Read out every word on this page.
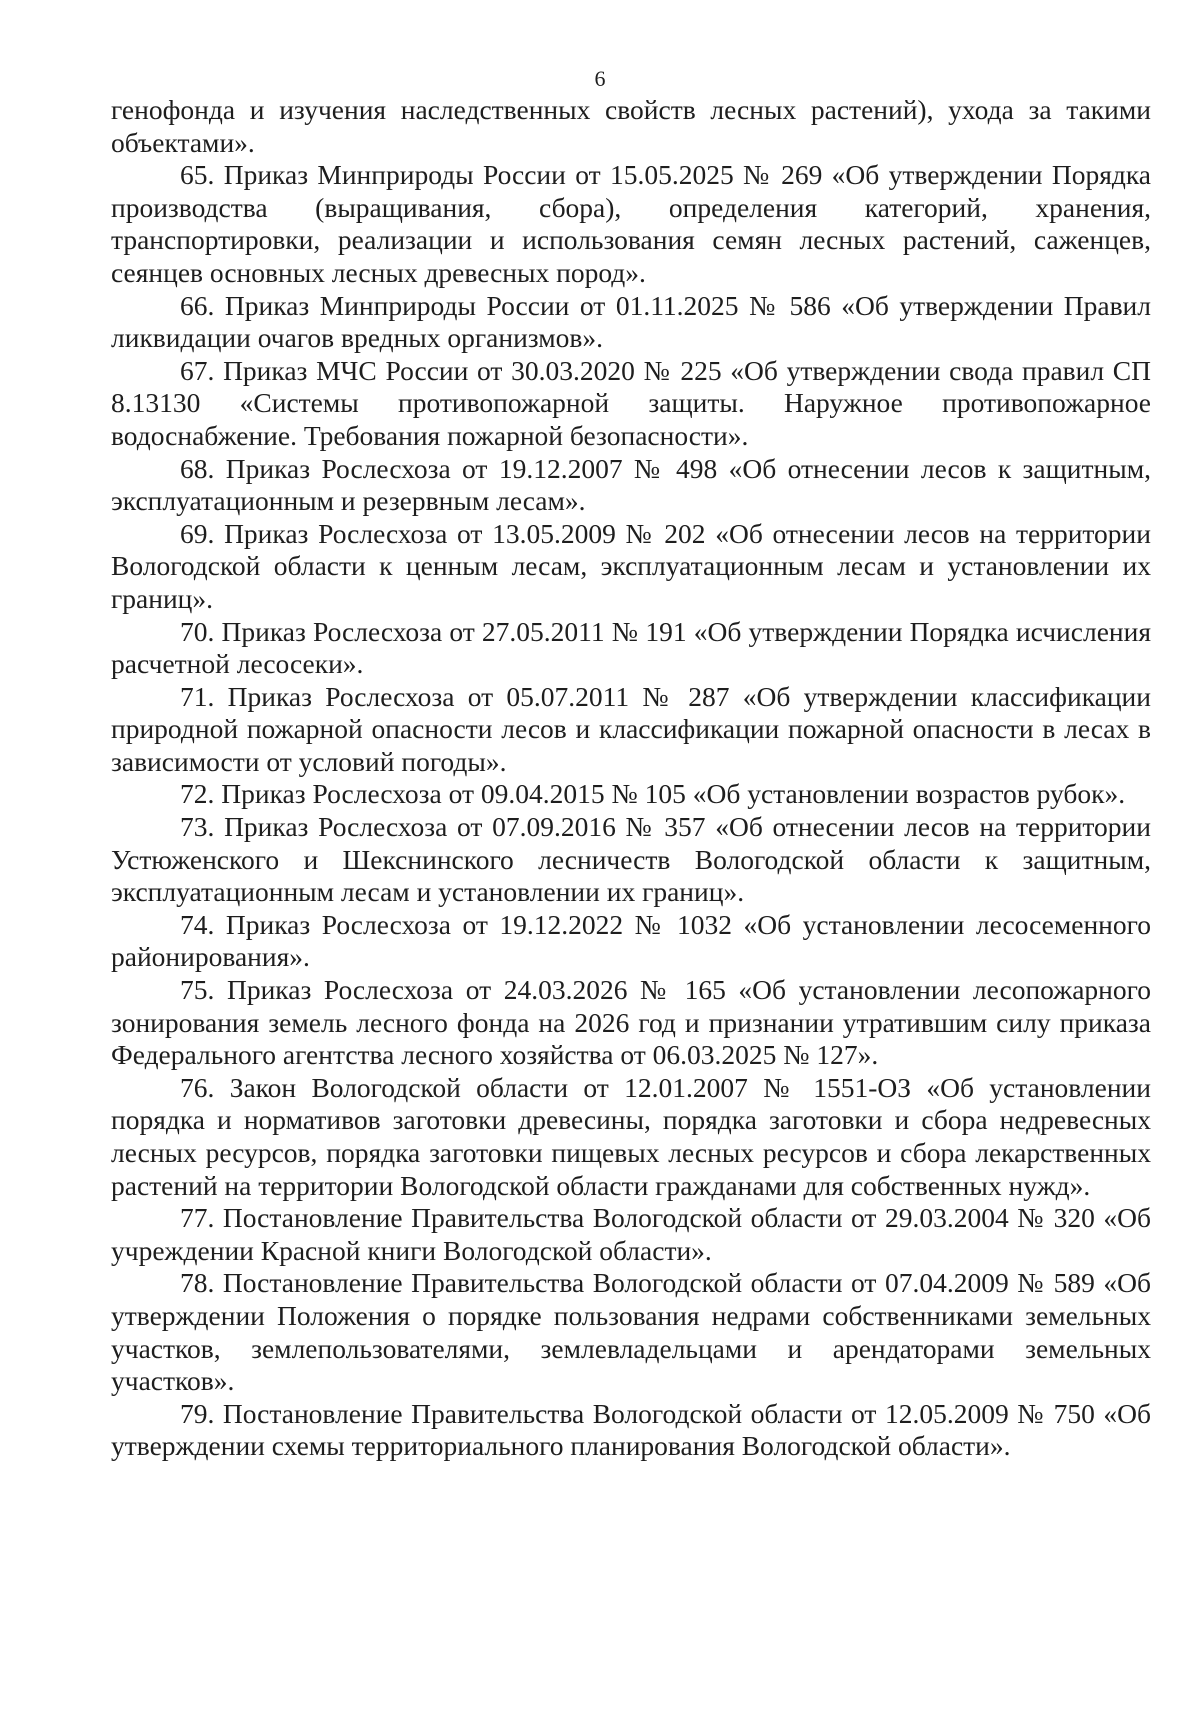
6

генофонда и изучения наследственных свойств лесных растений), ухода за такими объектами».

65. Приказ Минприроды России от 15.05.2025 № 269 «Об утверждении Порядка производства (выращивания, сбора), определения категорий, хранения, транспортировки, реализации и использования семян лесных растений, саженцев, сеянцев основных лесных древесных пород».

66. Приказ Минприроды России от 01.11.2025 № 586 «Об утверждении Правил ликвидации очагов вредных организмов».

67. Приказ МЧС России от 30.03.2020 № 225 «Об утверждении свода правил СП 8.13130 «Системы противопожарной защиты. Наружное противопожарное водоснабжение. Требования пожарной безопасности».

68. Приказ Рослесхоза от 19.12.2007 № 498 «Об отнесении лесов к защитным, эксплуатационным и резервным лесам».

69. Приказ Рослесхоза от 13.05.2009 № 202 «Об отнесении лесов на территории Вологодской области к ценным лесам, эксплуатационным лесам и установлении их границ».

70. Приказ Рослесхоза от 27.05.2011 № 191 «Об утверждении Порядка исчисления расчетной лесосеки».

71. Приказ Рослесхоза от 05.07.2011 № 287 «Об утверждении классификации природной пожарной опасности лесов и классификации пожарной опасности в лесах в зависимости от условий погоды».

72. Приказ Рослесхоза от 09.04.2015 № 105 «Об установлении возрастов рубок».

73. Приказ Рослесхоза от 07.09.2016 № 357 «Об отнесении лесов на территории Устюженского и Шекснинского лесничеств Вологодской области к защитным, эксплуатационным лесам и установлении их границ».

74. Приказ Рослесхоза от 19.12.2022 № 1032 «Об установлении лесосеменного районирования».

75. Приказ Рослесхоза от 24.03.2026 № 165 «Об установлении лесопожарного зонирования земель лесного фонда на 2026 год и признании утратившим силу приказа Федерального агентства лесного хозяйства от 06.03.2025 № 127».

76. Закон Вологодской области от 12.01.2007 № 1551-ОЗ «Об установлении порядка и нормативов заготовки древесины, порядка заготовки и сбора недревесных лесных ресурсов, порядка заготовки пищевых лесных ресурсов и сбора лекарственных растений на территории Вологодской области гражданами для собственных нужд».

77. Постановление Правительства Вологодской области от 29.03.2004 № 320 «Об учреждении Красной книги Вологодской области».

78. Постановление Правительства Вологодской области от 07.04.2009 № 589 «Об утверждении Положения о порядке пользования недрами собственниками земельных участков, землепользователями, землевладельцами и арендаторами земельных участков».

79. Постановление Правительства Вологодской области от 12.05.2009 № 750 «Об утверждении схемы территориального планирования Вологодской области».
